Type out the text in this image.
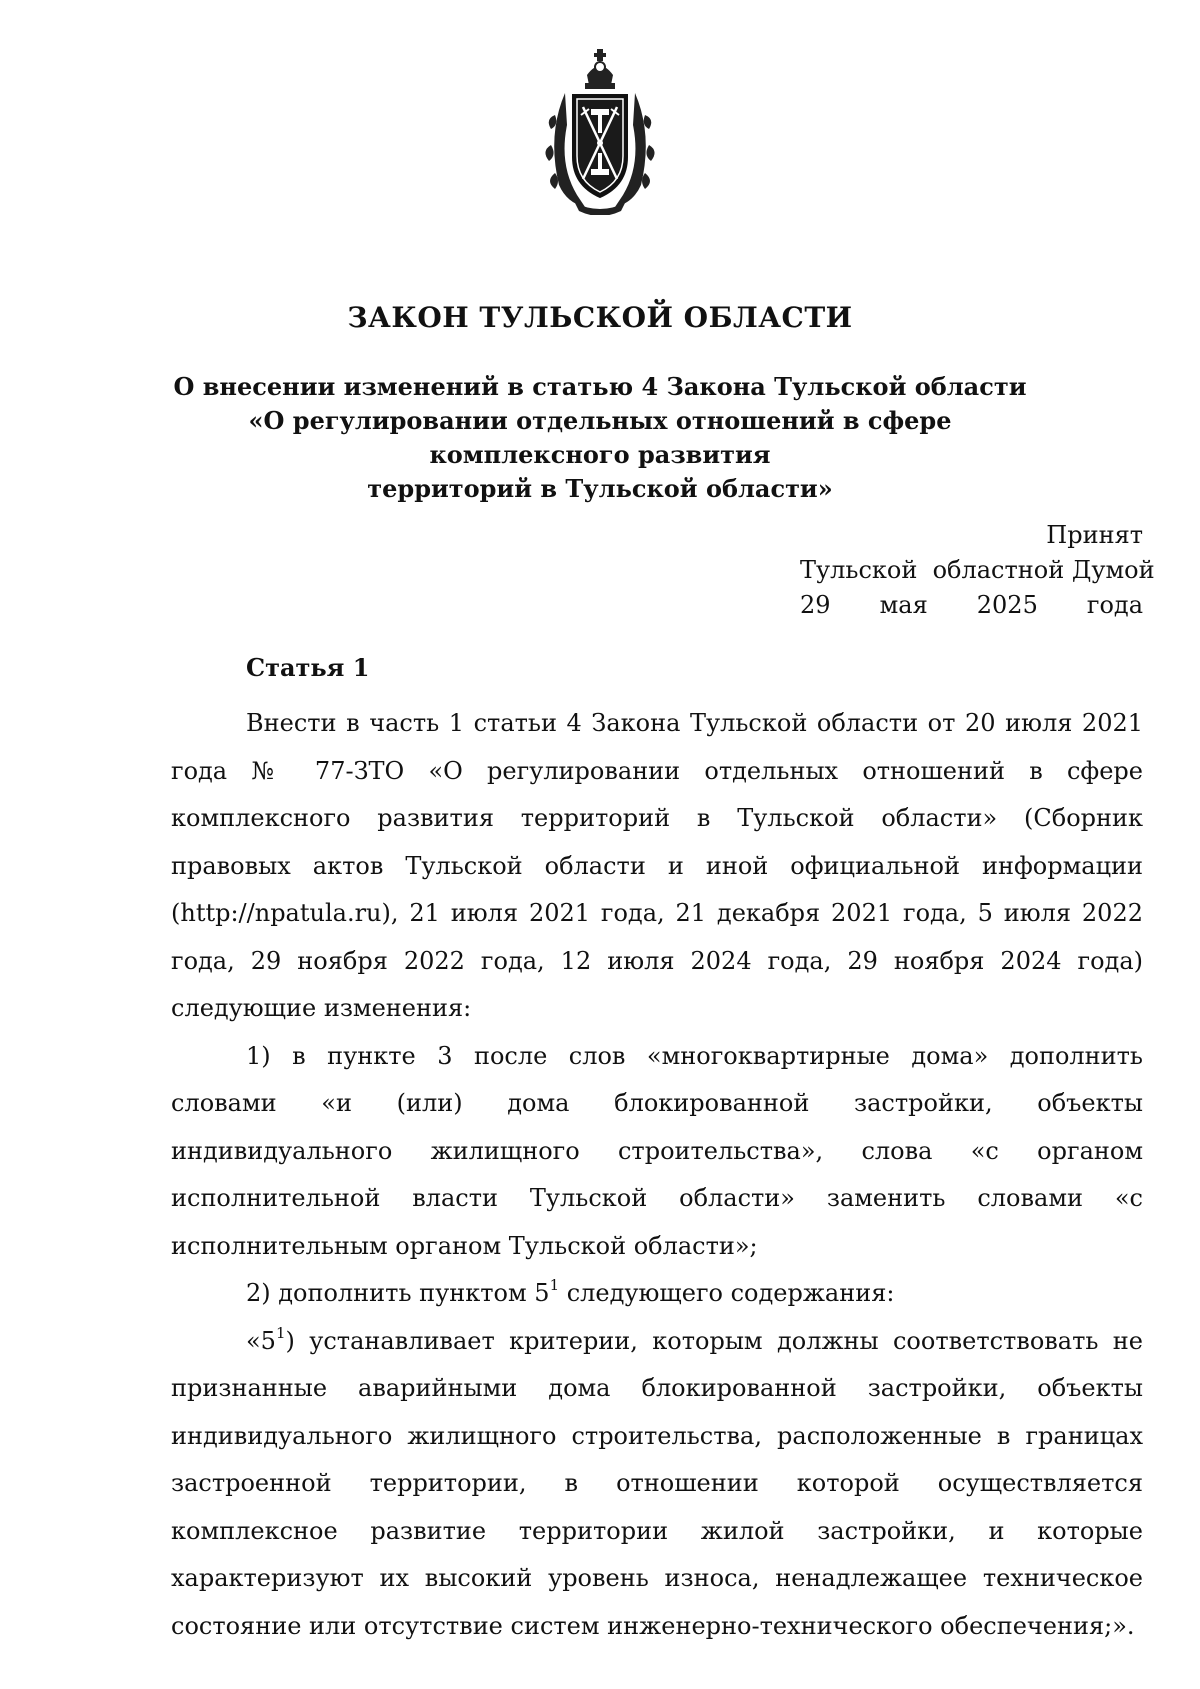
ЗАКОН ТУЛЬСКОЙ ОБЛАСТИ
О внесении изменений в статью 4 Закона Тульской области
«О регулировании отдельных отношений в сфере комплексного развития
территорий в Тульской области»
Принят
Тульской  областной Думой
29 мая 2025 года
Статья 1

Внести в часть 1 статьи 4 Закона Тульской области от 20 июля 2021 года № 77-ЗТО «О регулировании отдельных отношений в сфере комплексного развития территорий в Тульской области» (Сборник правовых актов Тульской области и иной официальной информации (http://npatula.ru), 21 июля 2021 года, 21 декабря 2021 года, 5 июля 2022 года, 29 ноября 2022 года, 12 июля 2024 года, 29 ноября 2024 года) следующие изменения:

1) в пункте 3 после слов «многоквартирные дома» дополнить словами «и (или) дома блокированной застройки, объекты индивидуального жилищного строительства», слова «с органом исполнительной власти Тульской области» заменить словами «с исполнительным органом Тульской области»;

2) дополнить пунктом $5^1$ следующего содержания:

«$5^1$) устанавливает критерии, которым должны соответствовать не признанные аварийными дома блокированной застройки, объекты индивидуального жилищного строительства, расположенные в границах застроенной территории, в отношении которой осуществляется комплексное развитие территории жилой застройки, и которые характеризуют их высокий уровень износа, ненадлежащее техническое состояние или отсутствие систем инженерно-технического обеспечения;».
